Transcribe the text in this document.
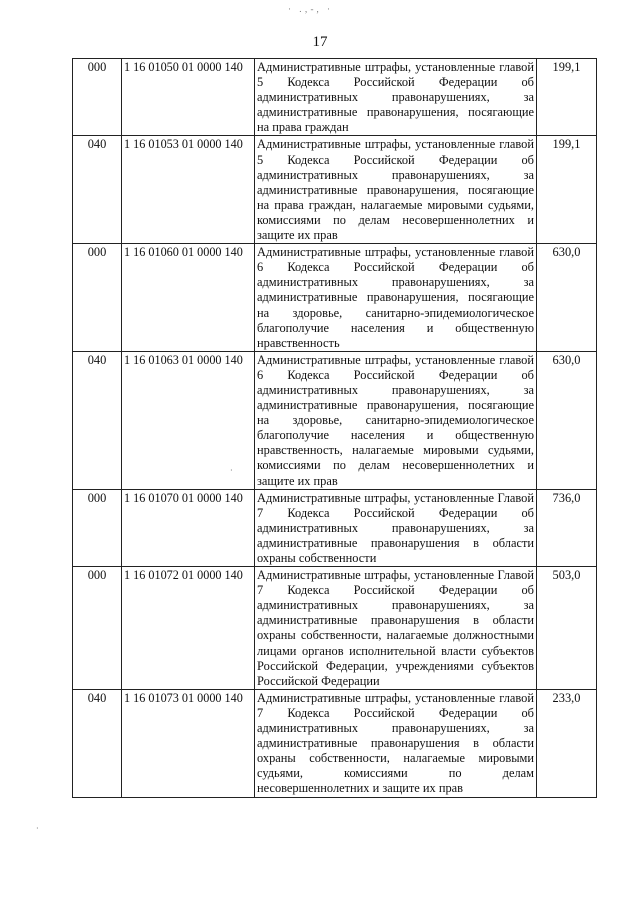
· .‚-, ·
17
000	1 16 01050 01 0000 140	Административные штрафы, установленные главой 5 Кодекса Российской Федерации об административных правонарушениях, за административные правонарушения, посягающие на права граждан	199,1
040	1 16 01053 01 0000 140	Административные штрафы, установленные главой 5 Кодекса Российской Федерации об административных правонарушениях, за административные правонарушения, посягающие на права граждан, налагаемые мировыми судьями, комиссиями по делам несовершеннолетних и защите их прав	199,1
000	1 16 01060 01 0000 140	Административные штрафы, установленные главой 6 Кодекса Российской Федерации об административных правонарушениях, за административные правонарушения, посягающие на здоровье, санитарно-эпидемиологическое благополучие населения и общественную нравственность	630,0
040	1 16 01063 01 0000 140	Административные штрафы, установленные главой 6 Кодекса Российской Федерации об административных правонарушениях, за административные правонарушения, посягающие на здоровье, санитарно-эпидемиологическое благополучие населения и общественную нравственность, налагаемые мировыми судьями, комиссиями по делам несовершеннолетних и защите их прав	630,0
000	1 16 01070 01 0000 140	Административные штрафы, установленные Главой 7 Кодекса Российской Федерации об административных правонарушениях, за административные правонарушения в области охраны собственности	736,0
000	1 16 01072 01 0000 140	Административные штрафы, установленные Главой 7 Кодекса Российской Федерации об административных правонарушениях, за административные правонарушения в области охраны собственности, налагаемые должностными лицами органов исполнительной власти субъектов Российской Федерации, учреждениями субъектов Российской Федерации	503,0
040	1 16 01073 01 0000 140	Административные штрафы, установленные главой 7 Кодекса Российской Федерации об административных правонарушениях, за административные правонарушения в области охраны собственности, налагаемые мировыми судьями, комиссиями по делам несовершеннолетних и защите их прав	233,0
·
·
